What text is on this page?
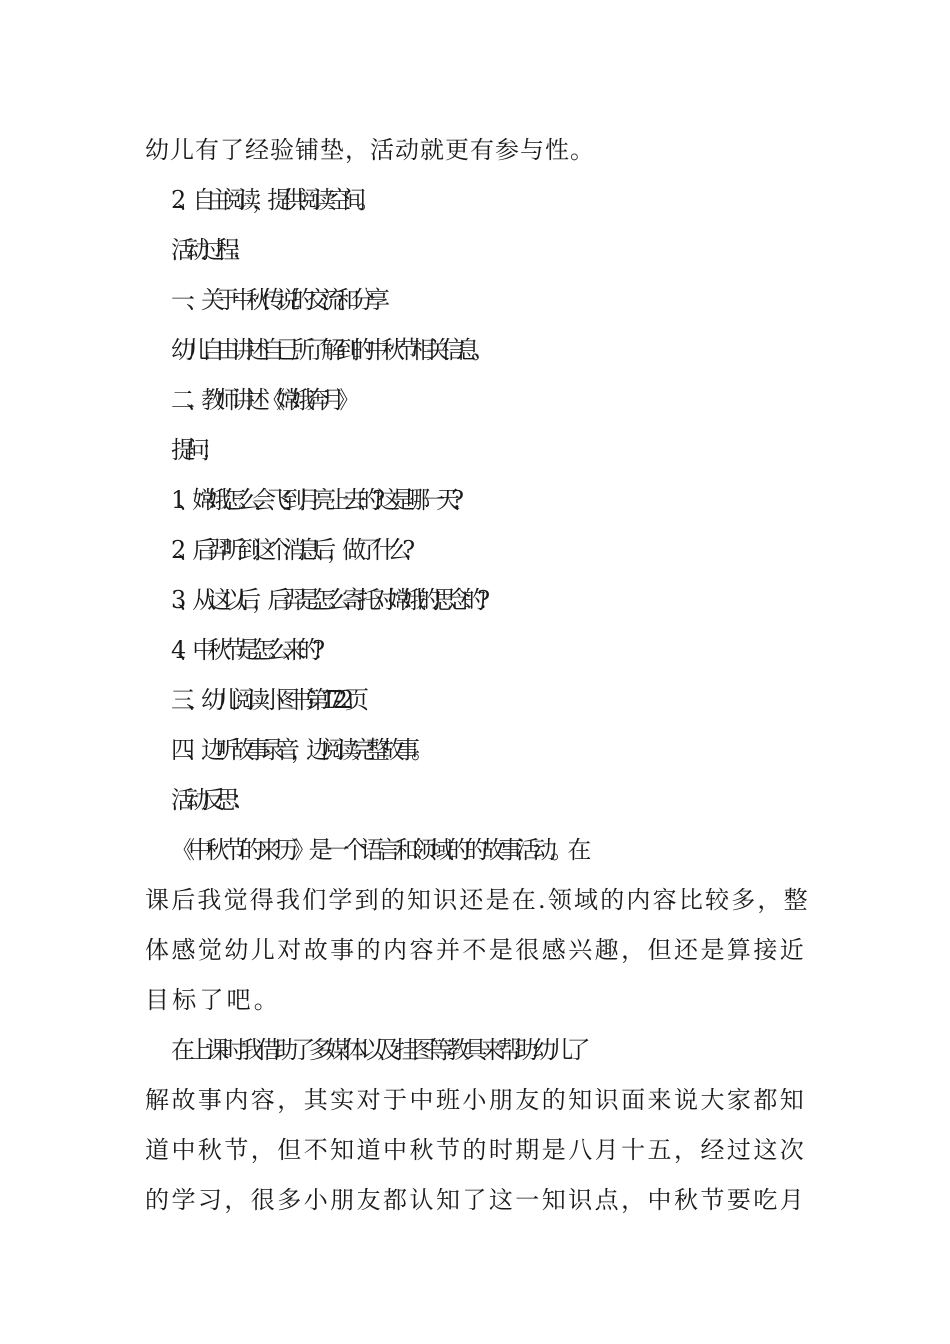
幼儿有了经验铺垫，活动就更有参与性。
2、自主阅读，提供阅读空间。
活动过程：
一、关于中秋传说的交流和分享
幼儿自由讲述自己所了解到的中秋节相关信息。
二、教师讲述《嫦娥奔月》
提问：
1、嫦娥怎么会飞到月亮上去的?这是哪一天?
2、后羿听到这个消息后，做了什么?
3、从这以后，后羿是怎么寄托对嫦娥的思念的?
4、中秋节是怎么来的?
三、幼儿阅读小图书第17-22页
四、边听故事录音，边阅读完整故事。
活动反思：
《中秋节的来历》是一个语言和.领域的的故事活动。在
课后我觉得我们学到的知识还是在.领域的内容比较多，整
体感觉幼儿对故事的内容并不是很感兴趣，但还是算接近
目标了吧。
在上课时我借助了多媒体以及挂图等教具来帮助幼儿了
解故事内容，其实对于中班小朋友的知识面来说大家都知
道中秋节，但不知道中秋节的时期是八月十五，经过这次
的学习，很多小朋友都认知了这一知识点，中秋节要吃月
